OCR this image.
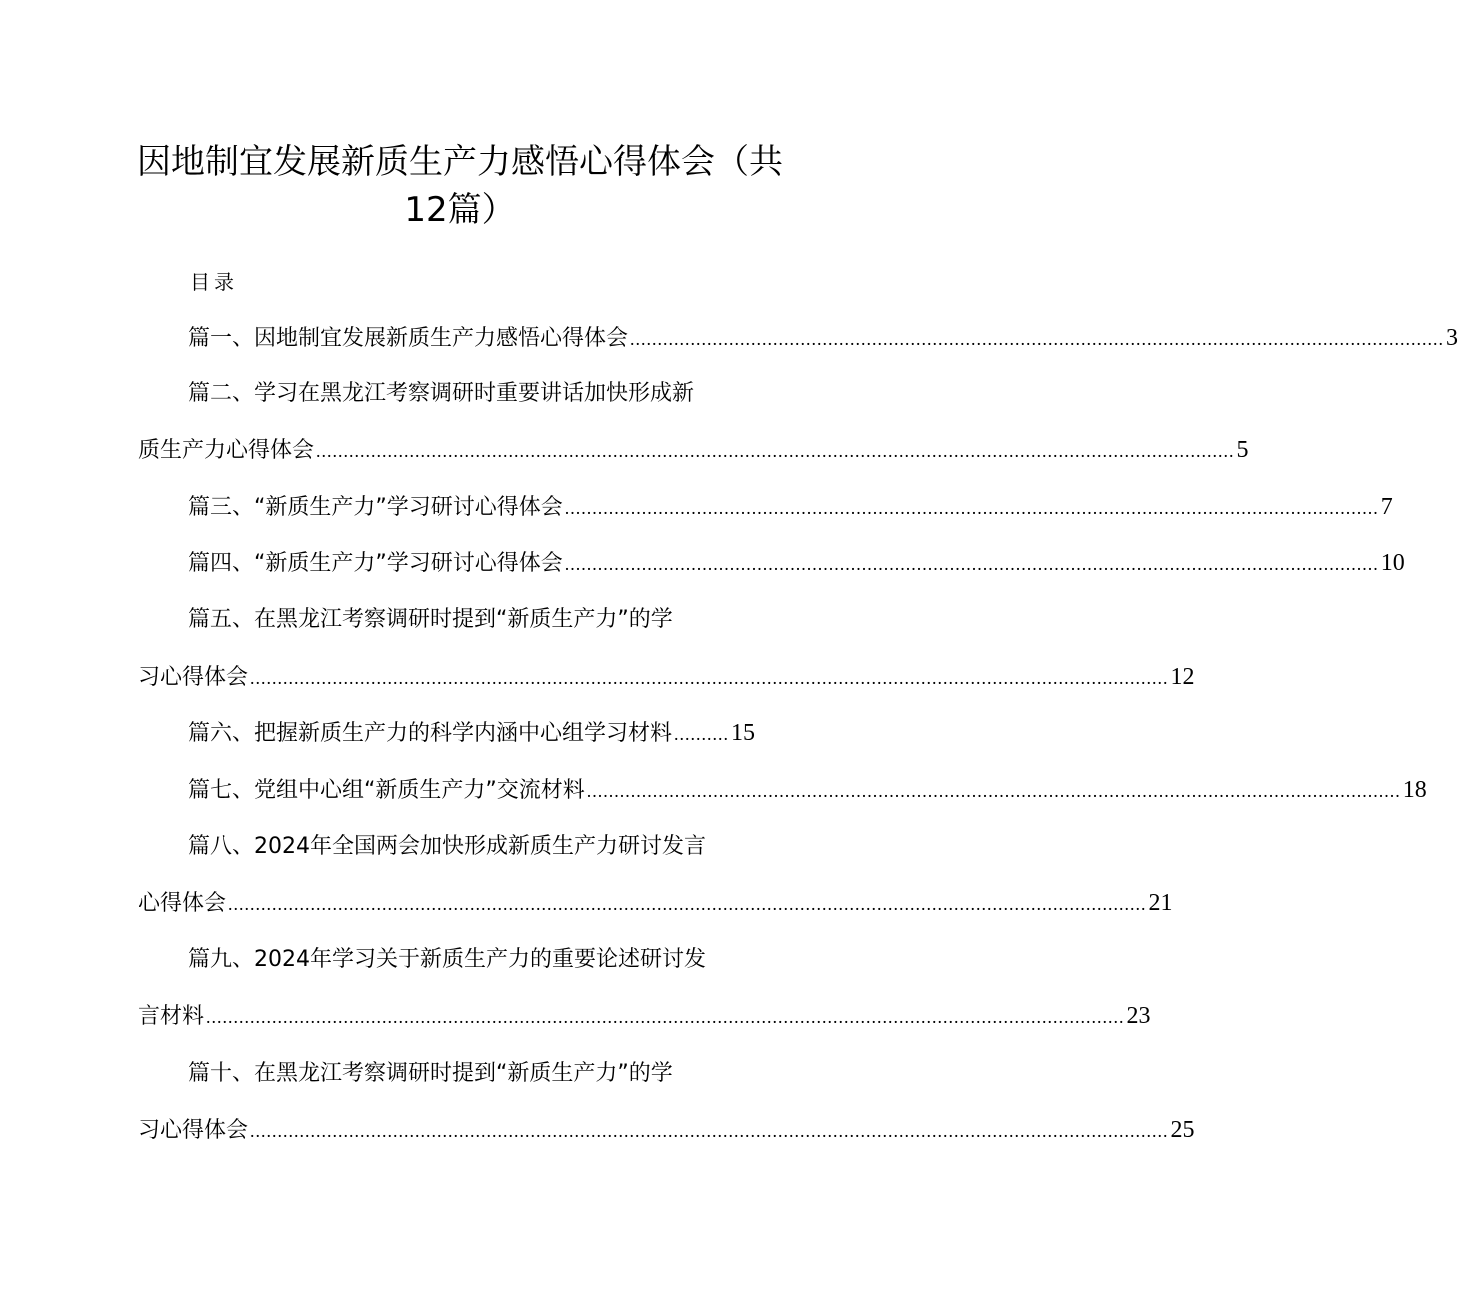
因地制宜发展新质生产力感悟心得体会（共
12篇）
目录
篇一、因地制宜发展新质生产力感悟心得体会 .................................................................................................................................................... 3
篇二、学习在黑龙江考察调研时重要讲话加快形成新
质生产力心得体会 ....................................................................................................................................................................... 5
篇三、“新质生产力”学习研讨心得体会 .................................................................................................................................................... 7
篇四、“新质生产力”学习研讨心得体会 .................................................................................................................................................... 10
篇五、在黑龙江考察调研时提到“新质生产力”的学
习心得体会 ....................................................................................................................................................................... 12
篇六、把握新质生产力的科学内涵中心组学习材料 .......... 15
篇七、党组中心组“新质生产力”交流材料 .................................................................................................................................................... 18
篇八、2024年全国两会加快形成新质生产力研讨发言
心得体会 ....................................................................................................................................................................... 21
篇九、2024年学习关于新质生产力的重要论述研讨发
言材料 ....................................................................................................................................................................... 23
篇十、在黑龙江考察调研时提到“新质生产力”的学
习心得体会 ....................................................................................................................................................................... 25
